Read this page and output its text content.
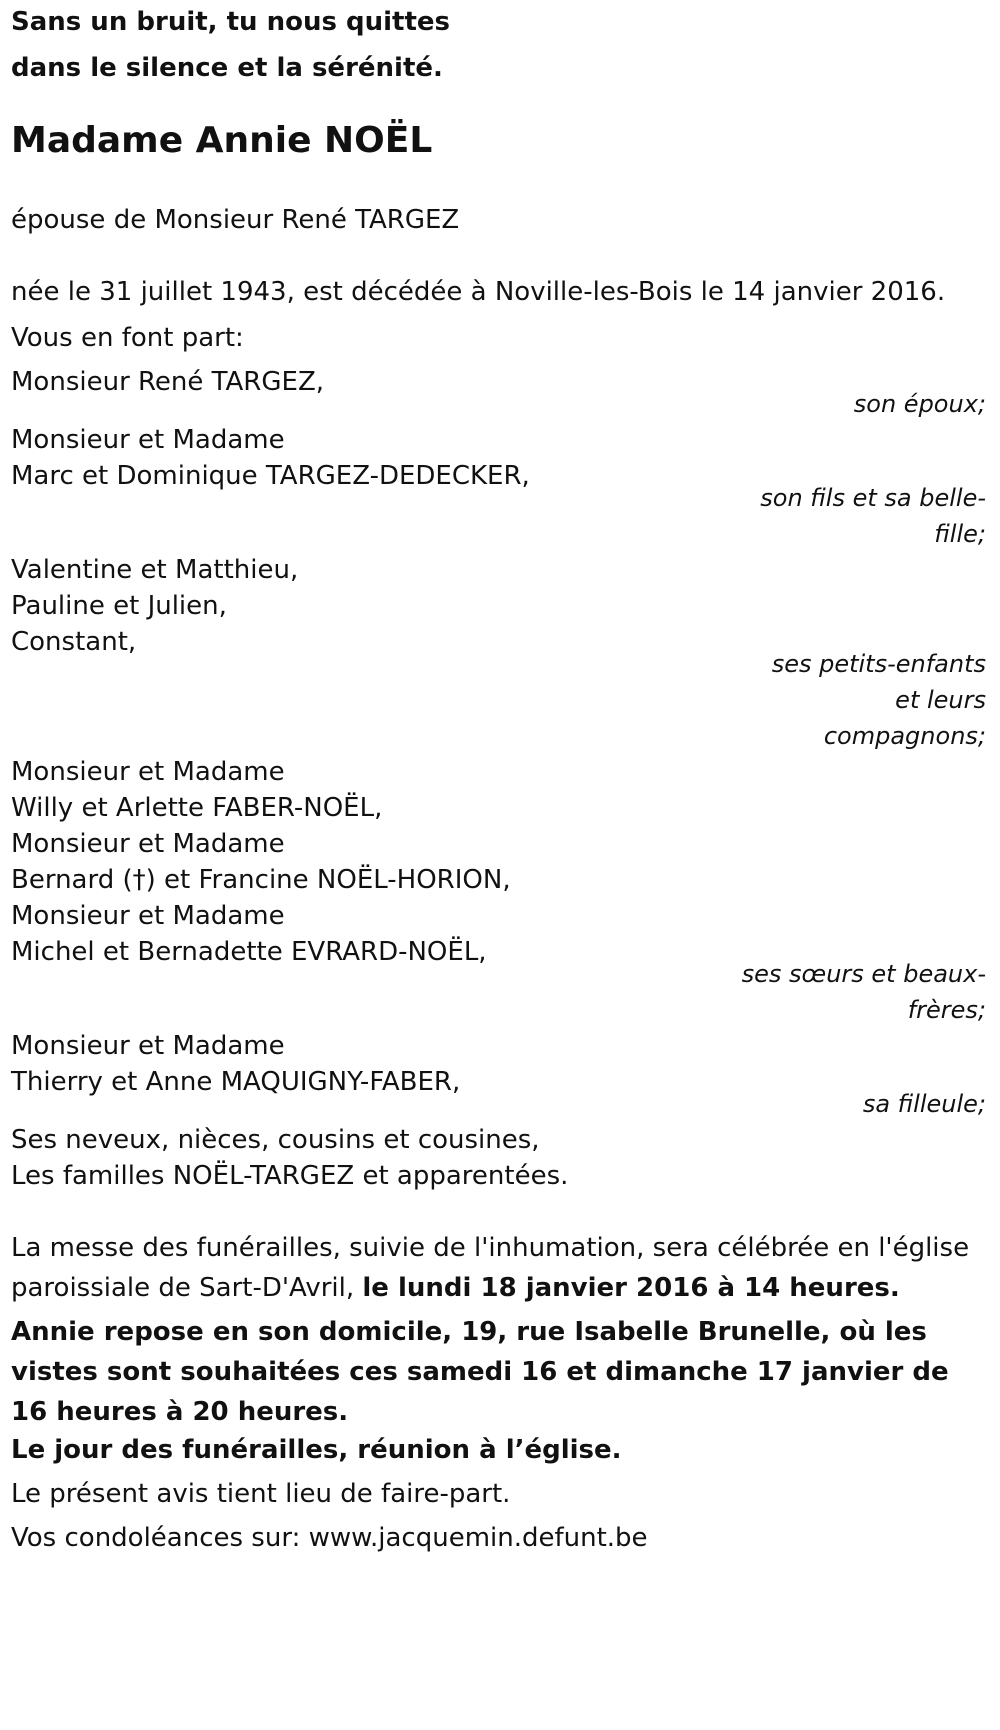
Sans un bruit, tu nous quittes
dans le silence et la sérénité.
Madame Annie NOËL
épouse de Monsieur René TARGEZ
née le 31 juillet 1943, est décédée à Noville-les-Bois le 14 janvier 2016.
Vous en font part:
Monsieur René TARGEZ,
son époux;
Monsieur et Madame
Marc et Dominique TARGEZ-DEDECKER,
son fils et sa belle-
fille;
Valentine et Matthieu,
Pauline et Julien,
Constant,
ses petits-enfants
et leurs
compagnons;
Monsieur et Madame
Willy et Arlette FABER-NOËL,
Monsieur et Madame
Bernard (†) et Francine NOËL-HORION,
Monsieur et Madame
Michel et Bernadette EVRARD-NOËL,
ses sœurs et beaux-
frères;
Monsieur et Madame
Thierry et Anne MAQUIGNY-FABER,
sa filleule;
Ses neveux, nièces, cousins et cousines,
Les familles NOËL-TARGEZ et apparentées.
La messe des funérailles, suivie de l'inhumation, sera célébrée en l'église paroissiale de Sart-D'Avril, le lundi 18 janvier 2016 à 14 heures.
Annie repose en son domicile, 19, rue Isabelle Brunelle, où les vistes sont souhaitées ces samedi 16 et dimanche 17 janvier de 16 heures à 20 heures.
Le jour des funérailles, réunion à l’église.
Le présent avis tient lieu de faire-part.
Vos condoléances sur: www.jacquemin.defunt.be
